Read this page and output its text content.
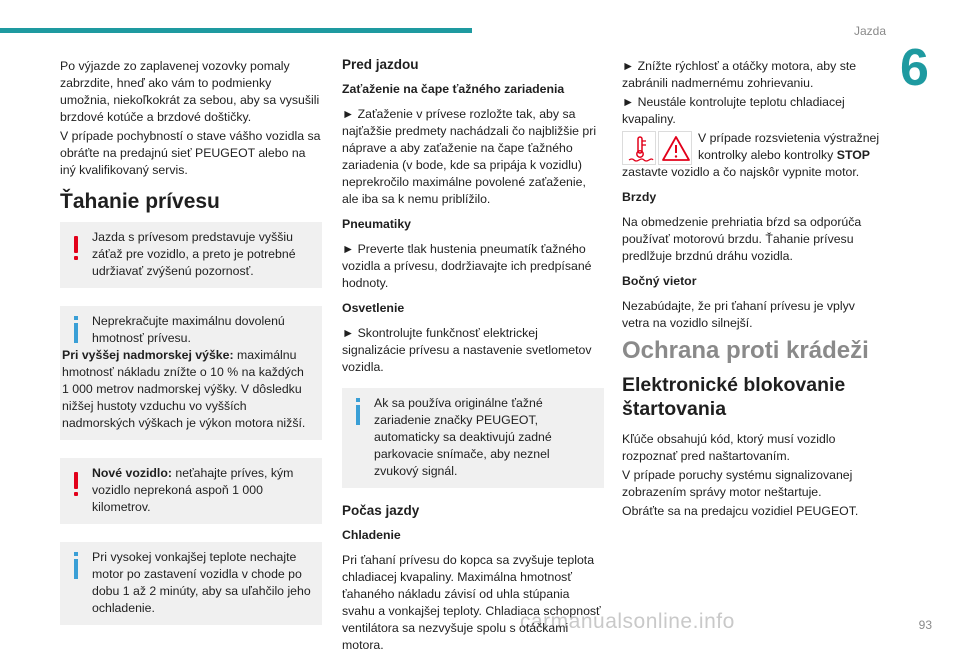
Jazda
6
93
carmanualsonline.info

Po výjazde zo zaplavenej vozovky pomaly zabrzdite, hneď ako vám to podmienky umožnia, niekoľkokrát za sebou, aby sa vysušili brzdové kotúče a brzdové doštičky.

V prípade pochybností o stave vášho vozidla sa obráťte na predajnú sieť PEUGEOT alebo na iný kvalifikovaný servis.

Ťahanie prívesu
Jazda s prívesom predstavuje vyššiu
záťaž pre vozidlo, a preto je potrebné udržiavať zvýšenú pozornosť.
Neprekračujte maximálnu dovolenú
hmotnosť prívesu.
Pri vyššej nadmorskej výške: maximálnu hmotnosť nákladu znížte o 10 % na každých 1 000 metrov nadmorskej výšky. V dôsledku nižšej hustoty vzduchu vo vyšších nadmorských výškach je výkon motora nižší.
Nové vozidlo: neťahajte príves, kým
vozidlo neprekoná aspoň 1 000 kilometrov.
Pri vysokej vonkajšej teplote nechajte
motor po zastavení vozidla v chode po dobu 1 až 2 minúty, aby sa uľahčilo jeho ochladenie.
Pred jazdou
Zaťaženie na čape ťažného zariadenia

► Zaťaženie v prívese rozložte tak, aby sa najťažšie predmety nachádzali čo najbližšie pri náprave a aby zaťaženie na čape ťažného zariadenia (v bode, kde sa pripája k vozidlu) neprekročilo maximálne povolené zaťaženie, ale iba sa k nemu priblížilo.

Pneumatiky

► Preverte tlak hustenia pneumatík ťažného vozidla a prívesu, dodržiavajte ich predpísané hodnoty.

Osvetlenie

► Skontrolujte funkčnosť elektrickej signalizácie prívesu a nastavenie svetlometov vozidla.

Ak sa používa originálne ťažné
zariadenie značky PEUGEOT, automaticky sa deaktivujú zadné parkovacie snímače, aby neznel zvukový signál.
Počas jazdy
Chladenie

Pri ťahaní prívesu do kopca sa zvyšuje teplota chladiacej kvapaliny. Maximálna hmotnosť ťahaného nákladu závisí od uhla stúpania svahu a vonkajšej teploty. Chladiaca schopnosť ventilátora sa nezvyšuje spolu s otáčkami motora.

► Znížte rýchlosť a otáčky motora, aby ste zabránili nadmernému zohrievaniu.

► Neustále kontrolujte teplotu chladiacej kvapaliny.

V prípade rozsvietenia výstražnej kontrolky alebo kontrolky STOP

zastavte vozidlo a čo najskôr vypnite motor.

Brzdy

Na obmedzenie prehriatia bŕzd sa odporúča používať motorovú brzdu. Ťahanie prívesu predlžuje brzdnú dráhu vozidla.

Bočný vietor

Nezabúdajte, že pri ťahaní prívesu je vplyv vetra na vozidlo silnejší.

Ochrana proti krádeži
Elektronické blokovanie štartovania

Kľúče obsahujú kód, ktorý musí vozidlo rozpoznať pred naštartovaním.

V prípade poruchy systému signalizovanej zobrazením správy motor neštartuje.

Obráťte sa na predajcu vozidiel PEUGEOT.
